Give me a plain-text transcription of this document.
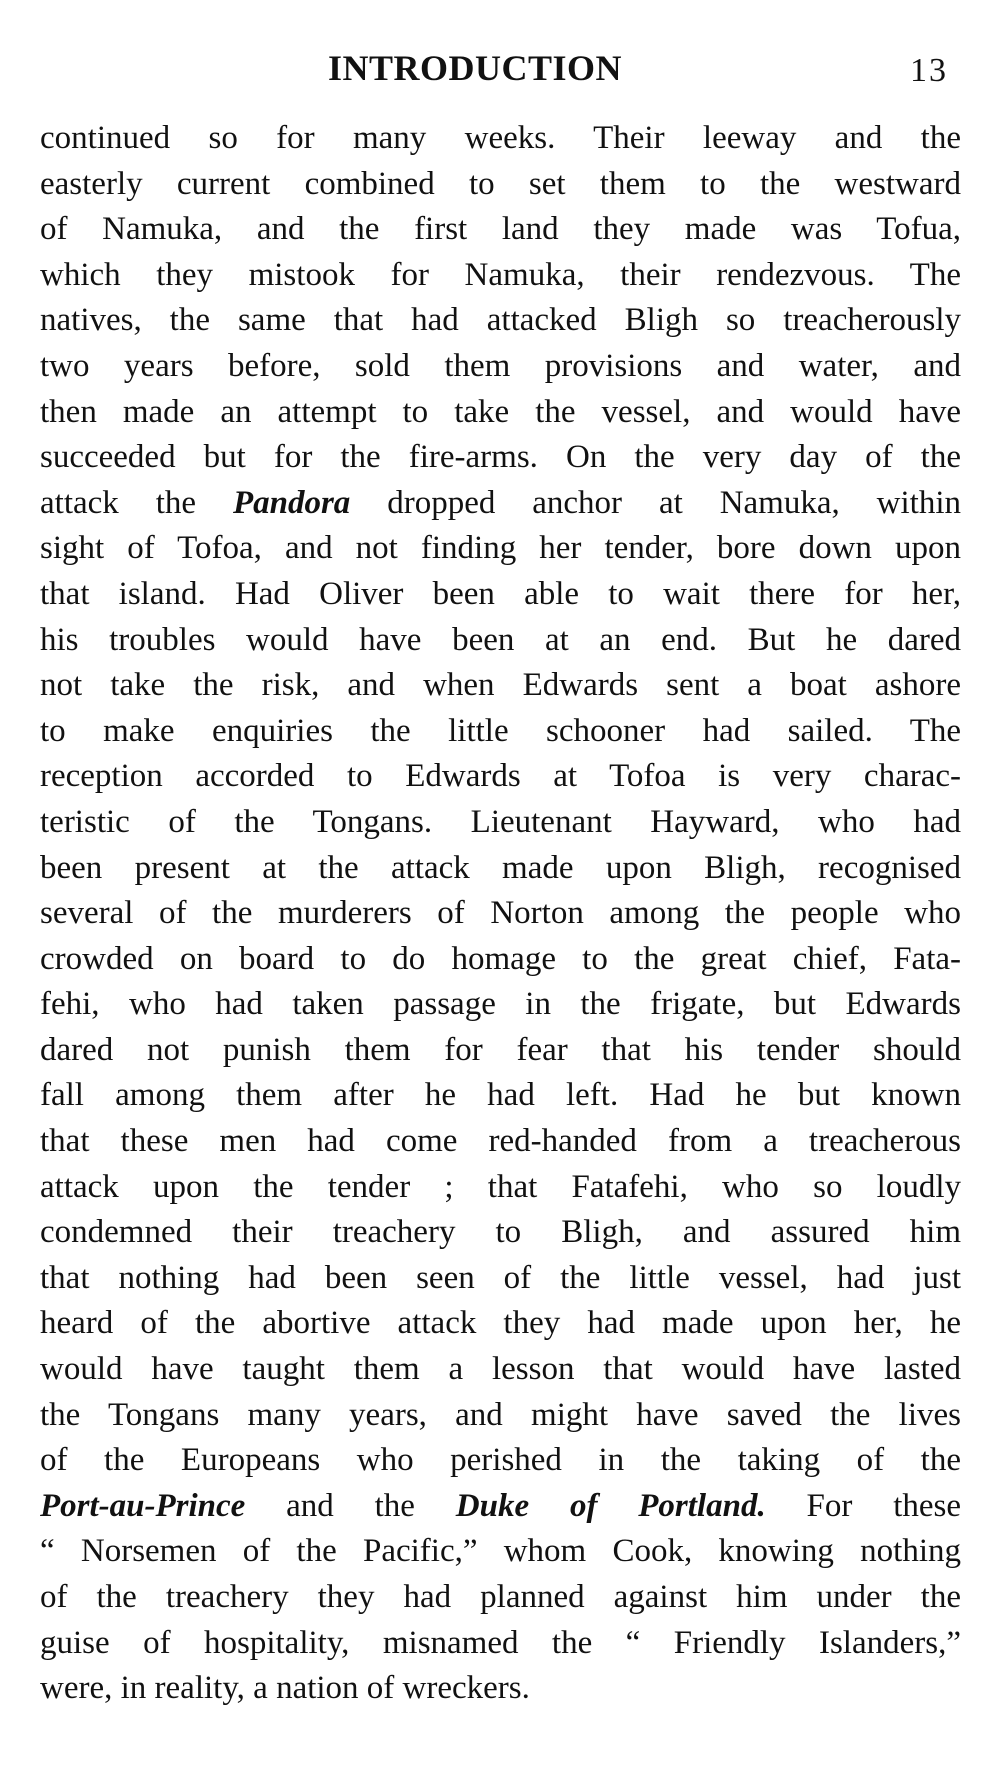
INTRODUCTION	13
continued so for many weeks. Their leeway and the
easterly current combined to set them to the westward
of Namuka, and the first land they made was Tofua,
which they mistook for Namuka, their rendezvous. The
natives, the same that had attacked Bligh so treacherously
two years before, sold them provisions and water, and
then made an attempt to take the vessel, and would have
succeeded but for the fire-arms. On the very day of the
attack the Pandora dropped anchor at Namuka, within
sight of Tofoa, and not finding her tender, bore down upon
that island. Had Oliver been able to wait there for her,
his troubles would have been at an end. But he dared
not take the risk, and when Edwards sent a boat ashore
to make enquiries the little schooner had sailed. The
reception accorded to Edwards at Tofoa is very charac-
teristic of the Tongans. Lieutenant Hayward, who had
been present at the attack made upon Bligh, recognised
several of the murderers of Norton among the people who
crowded on board to do homage to the great chief, Fata-
fehi, who had taken passage in the frigate, but Edwards
dared not punish them for fear that his tender should
fall among them after he had left. Had he but known
that these men had come red-handed from a treacherous
attack upon the tender ; that Fatafehi, who so loudly
condemned their treachery to Bligh, and assured him
that nothing had been seen of the little vessel, had just
heard of the abortive attack they had made upon her, he
would have taught them a lesson that would have lasted
the Tongans many years, and might have saved the lives
of the Europeans who perished in the taking of the
Port-au-Prince and the Duke of Portland. For these
“ Norsemen of the Pacific,” whom Cook, knowing nothing
of the treachery they had planned against him under the
guise of hospitality, misnamed the “ Friendly Islanders,”
were, in reality, a nation of wreckers.
